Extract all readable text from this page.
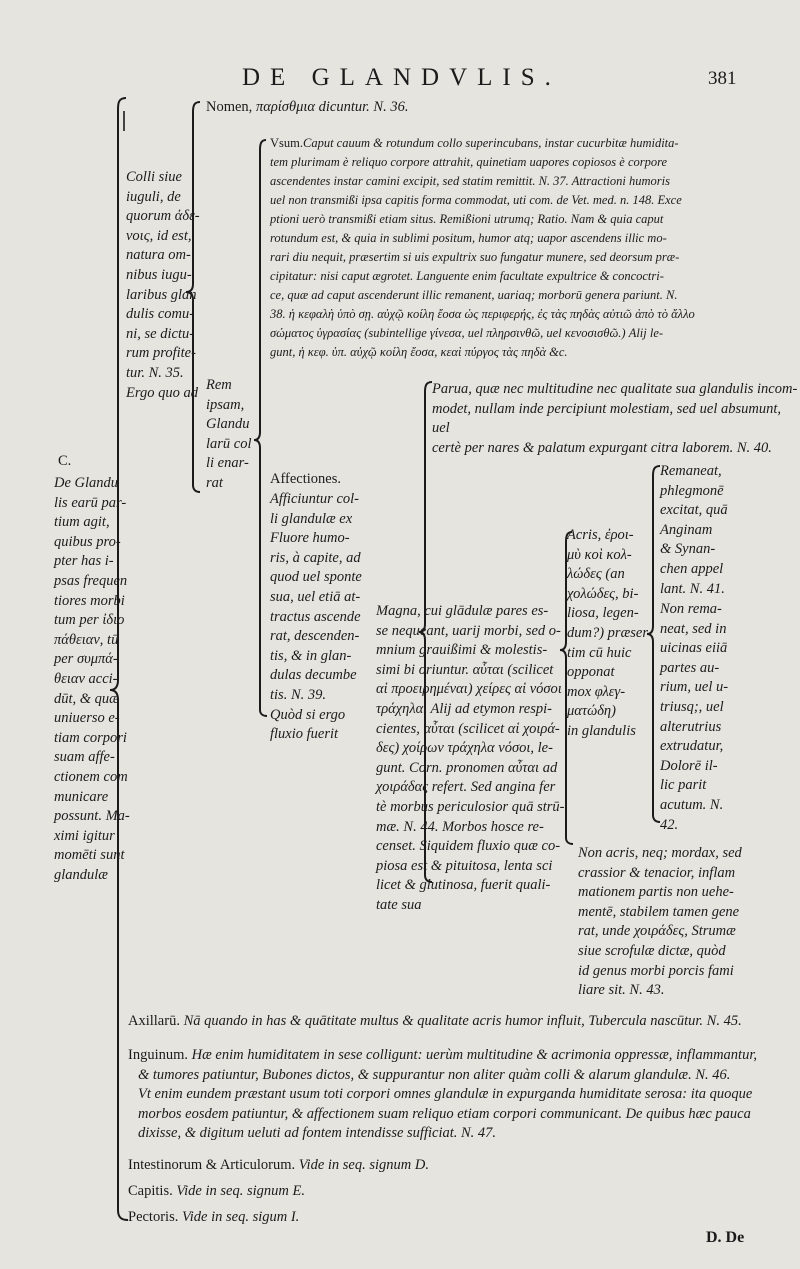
DE GLANDVLIS.	381
C.
De Glandu
lis earū par-
tium agit,
quibus pro-
pter has i-
psas frequen
tiores morbi
tum per ἰδιο
πάθειαν, tū
per συμπά-
θειαν acci-
dūt, & quæ
uniuerso e-
tiam corpori
suam affe-
ctionem com
municare
possunt. Ma-
ximi igitur
momēti sunt
glandulæ
Colli siue
iuguli, de
quorum ἀδε-
νοις, id est,
natura om-
nibus iugu-
laribus glan
dulis comu-
ni, se dictu-
rum profite-
tur. N. 35.
Ergo quo ad
Nomen, παρίσθμια dicuntur. N. 36.
Rem
ipsam,
Glandu
larū col
li enar-
rat
Vsum.Caput cauum & rotundum collo superincubans, instar cucurbitæ humidita-
tem plurimam è reliquo corpore attrahit, quinetiam uapores copiosos è corpore
ascendentes instar camini excipit, sed statim remittit. N. 37. Attractioni humoris
uel non transmißi ipsa capitis forma commodat, uti com. de Vet. med. n. 148. Exce
ptioni uerò transmißi etiam situs. Remißioni utrumq; Ratio. Nam & quia caput
rotundum est, & quia in sublimi positum, humor atq; uapor ascendens illic mo-
rari diu nequit, præsertim si uis expultrix suo fungatur munere, sed deorsum præ-
cipitatur: nisi caput ægrotet. Languente enim facultate expultrice & concoctri-
ce, quæ ad caput ascenderunt illic remanent, uariaq; morborū genera pariunt. N.
38. ἡ κεφαλὴ ὑπὸ σῃ. αὐχῷ κοίλη ἔοσα ὡς περιφερής, ἐς τὰς πηδὰς αὐτιῶ ἀπὸ τὸ ἄλλο
σώματος ὑγρασίας (subintellige γίνεσα, uel πληρσινθῶ, uel κενοσισθῶ.) Alij le-
gunt, ἡ κεφ. ὑπ. αὐχῷ κοίλη ἔοσα, κεαὶ πύργος τὰς πηδὰ &c.
Affectiones.
Afficiuntur col-
li glandulæ ex
Fluore humo-
ris, à capite, ad
quod uel sponte
sua, uel etiā at-
tractus ascende
rat, descenden-
tis, & in glan-
dulas decumbe
tis. N. 39.
Quòd si ergo
fluxio fuerit
Parua, quæ nec multitudine nec qualitate sua glandulis incom-
modet, nullam inde percipiunt molestiam, sed uel absumunt, uel
certè per nares & palatum expurgant citra laborem. N. 40.
Magna, cui glādulæ pares es-
se nequeant, uarij morbi, sed o-
mnium grauißimi & molestis-
simi bi oriuntur. αὗται (scilicet
αἱ προειρημέναι) χείρες αἱ νόσοι
τράχηλα. Alij ad etymon respi-
cientes, αὗται (scilicet αἱ χοιρά-
δες) χοίρων τράχηλα νόσοι, le-
gunt. Corn. pronomen αὗται ad
χοιράδας refert. Sed angina fer
tè morbus periculosior quā strū-
mæ. N. 44. Morbos hosce re-
censet. Siquidem fluxio quæ co-
piosa est & pituitosa, lenta sci
licet & glutinosa, fuerit quali-
tate sua
Acris, ἐροι-
μὺ κοὶ κολ-
λώδες (an
χολώδες, bi-
liosa, legen-
dum?) præser
tim cū huic
opponat
mox φλεγ-
ματώδη)
in glandulis
Remaneat,
phlegmonē
excitat, quā
Anginam
& Synan-
chen appel
lant. N. 41.
Non rema-
neat, sed in
uicinas eiiā
partes au-
rium, uel u-
triusq;, uel
alterutrius
extrudatur,
Dolorē il-
lic parit
acutum. N.
42.
Non acris, neq; mordax, sed
crassior & tenacior, inflam
mationem partis non uehe-
mentē, stabilem tamen gene
rat, unde χοιράδες, Strumæ
siue scrofulæ dictæ, quòd
id genus morbi porcis fami
liare sit. N. 43.
Axillarū. Nā quando in has & quātitate multus & qualitate acris humor influit, Tubercula nascūtur. N. 45.
Inguinum. Hæ enim humiditatem in sese colligunt: uerùm multitudine & acrimonia oppressæ, inflammantur,
& tumores patiuntur, Bubones dictos, & suppurantur non aliter quàm colli & alarum glandulæ. N. 46.
Vt enim eundem præstant usum toti corpori omnes glandulæ in expurganda humiditate serosa: ita quoque
morbos eosdem patiuntur, & affectionem suam reliquo etiam corpori communicant. De quibus hæc pauca
dixisse, & digitum ueluti ad fontem intendisse sufficiat. N. 47.
Intestinorum & Articulorum. Vide in seq. signum D.
Capitis. Vide in seq. signum E.
Pectoris. Vide in seq. sigum I.
D. De
